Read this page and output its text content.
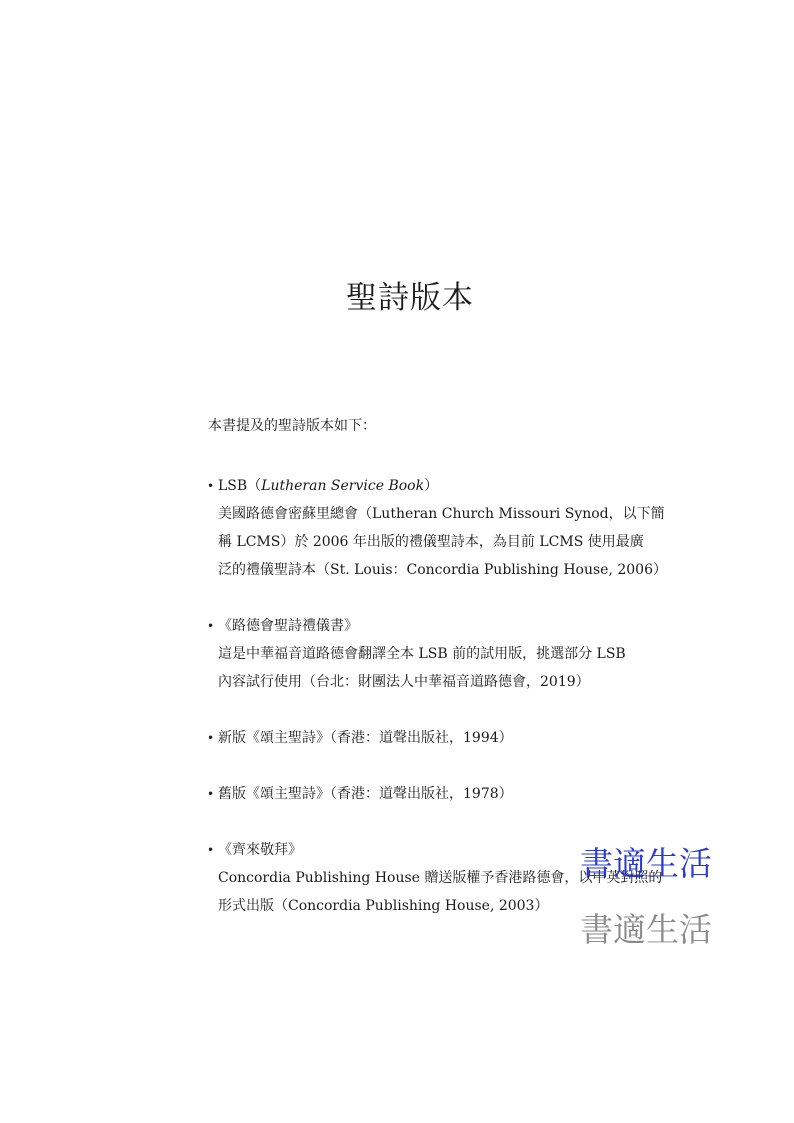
聖詩版本

本書提及的聖詩版本如下：

• LSB（Lutheran Service Book）
美國路德會密蘇里總會（Lutheran Church Missouri Synod，以下簡
稱 LCMS）於 2006 年出版的禮儀聖詩本，為目前 LCMS 使用最廣
泛的禮儀聖詩本（St. Louis：Concordia Publishing House, 2006）
• 《路德會聖詩禮儀書》
這是中華福音道路德會翻譯全本 LSB 前的試用版，挑選部分 LSB
內容試行使用（台北：財團法人中華福音道路德會，2019）
• 新版《頌主聖詩》（香港：道聲出版社，1994）
• 舊版《頌主聖詩》（香港：道聲出版社，1978）
• 《齊來敬拜》
Concordia Publishing House 贈送版權予香港路德會，以中英對照的
形式出版（Concordia Publishing House, 2003）
書適生活
書適生活
